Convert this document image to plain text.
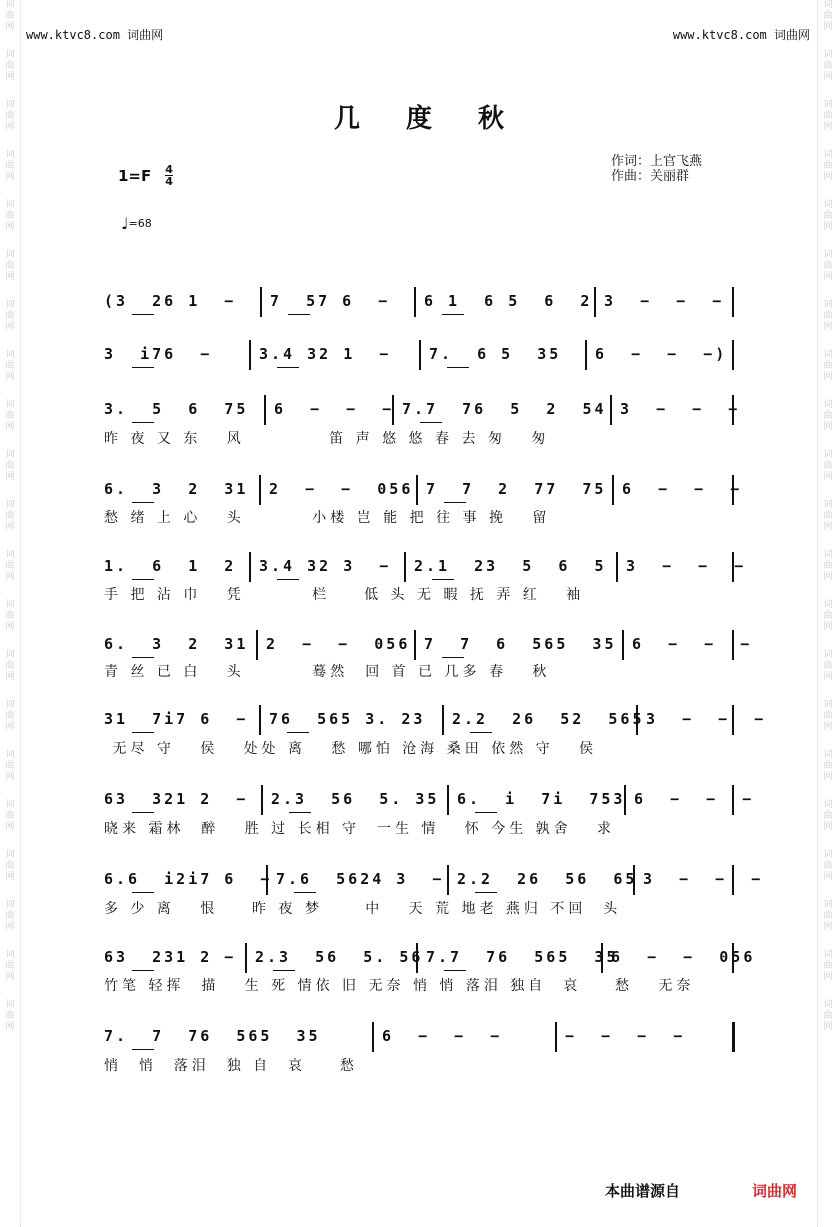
词
曲
网
词
曲
网
词
曲
网
词
曲
网
词
曲
网
词
曲
网
词
曲
网
词
曲
网
词
曲
网
词
曲
网
词
曲
网
词
曲
网
词
曲
网
词
曲
网
词
曲
网
词
曲
网
词
曲
网
词
曲
网
词
曲
网
词
曲
网
词
曲
网
词
曲
网
词
曲
网
词
曲
网
词
曲
网
词
曲
网
词
曲
网
词
曲
网
词
曲
网
词
曲
网
词
曲
网
词
曲
网
词
曲
网
词
曲
网
词
曲
网
词
曲
网
词
曲
网
词
曲
网
词
曲
网
词
曲
网
词
曲
网
词
曲
网
www.ktvc8.com 词曲网	www.ktvc8.com 词曲网
几度秋
$1=F \frac{4}{4}$
作词：上官飞燕
作曲：关丽群
♩=68
(3  26 1  − 7  57 6  − 6 1  6 5  6  2 3  −  −  −
3  i76  −	3.4 32 1  −	7.  6 5  35 6  −  −  −)
3.  5  6  75 6  −  −  − 7.7  76  5  2  54 3  −  −  −
昨 夜 又 东   风          笛 声 悠 悠 春 去 匆   匆
6.  3  2  31 2  −  −  056 7  7  2  77  75 6  −  −  −
愁 绪 上 心   头        小楼 岂 能 把 往 事 挽   留
1.  6  1  2 3.4 32 3  − 2.1  23  5  6  5 3  −  −  −
手 把 沾 巾   凭        栏    低 头 无 暇 抚 弄 红   袖
6.  3  2  31 2  −  −  056 7  7  6  565  35 6  −  −  −
青 丝 已 白   头        蓦然  回 首 已 几多 春   秋
31  7i7 6  − 76  565 3. 23 2.2  26  52  565 3  −  −  −
无尽 守   侯   处处 离   愁 哪怕 沧海 桑田 依然 守   侯
63  321 2  − 2.3  56  5. 35 6.  i  7i  753 6  −  −  −
晓来 霜林  醉   胜 过 长相 守  一生 情   怀 今生 孰舍   求
6.6  i2i7 6  − 7.6  5624 3  − 2.2  26  56  65 3  −  −  −
多 少 离   恨    昨 夜 梦     中   天 荒 地老 燕归 不回  头
63  231 2 − 2.3  56  5. 56 7.7  76  565  35
6  −  −  056
竹笔 轻挥  描   生 死 情依 旧 无奈 悄 悄 落泪 独自  哀    愁   无奈
7.  7  76  565  35	6  −  −  −	−  −  −  −
悄  悄  落泪  独 自  哀    愁
本曲谱源自	词曲网
